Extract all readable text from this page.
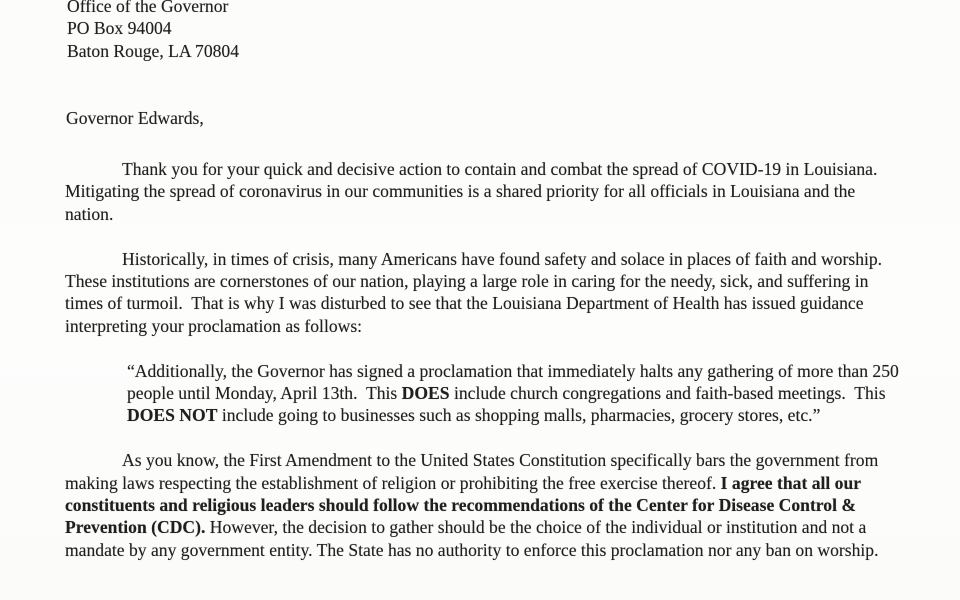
Office of the Governor
PO Box 94004
Baton Rouge, LA 70804
Governor Edwards,

Thank you for your quick and decisive action to contain and combat the spread of COVID-19 in Louisiana.  Mitigating the spread of coronavirus in our communities is a shared priority for all officials in Louisiana and the nation.

Historically, in times of crisis, many Americans have found safety and solace in places of faith and worship.   These institutions are cornerstones of our nation, playing a large role in caring for the needy, sick, and suffering in times of turmoil.  That is why I was disturbed to see that the Louisiana Department of Health has issued guidance interpreting your proclamation as follows:

“Additionally, the Governor has signed a proclamation that immediately halts any gathering of more than 250 people until Monday, April 13th.  This DOES include church congregations and faith-based meetings.  This DOES NOT include going to businesses such as shopping malls, pharmacies, grocery stores, etc.”

As you know, the First Amendment to the United States Constitution specifically bars the government from making laws respecting the establishment of religion or prohibiting the free exercise thereof. I agree that all our constituents and religious leaders should follow the recommendations of the Center for Disease Control & Prevention (CDC). However, the decision to gather should be the choice of the individual or institution and not a mandate by any government entity. The State has no authority to enforce this proclamation nor any ban on worship.
